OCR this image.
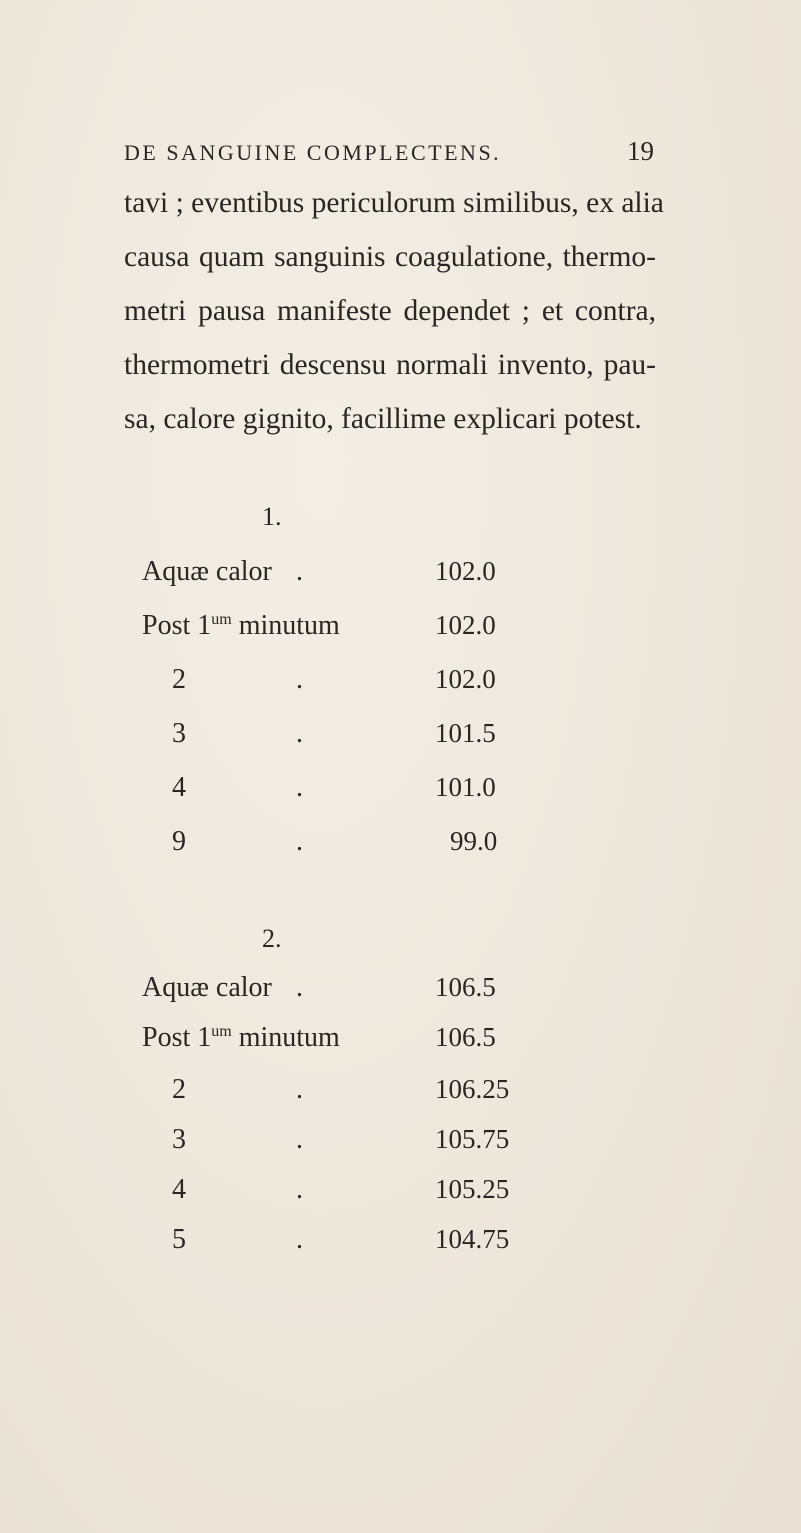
DE SANGUINE COMPLECTENS.	19
tavi ; eventibus periculorum similibus, ex alia
causa quam sanguinis coagulatione, thermo-
metri pausa manifeste dependet ; et contra,
thermometri descensu normali invento, pau-
sa, calore gignito, facillime explicari potest.
1.
Aquæ calor .	102.0
Post $1^{um}$ minutum	102.0
2	.	102.0
3	.	101.5
4	.	101.0
9	.	99.0
2.
Aquæ calor .	106.5
Post $1^{um}$ minutum	106.5
2	.	106.25
3	.	105.75
4	.	105.25
5	.	104.75
